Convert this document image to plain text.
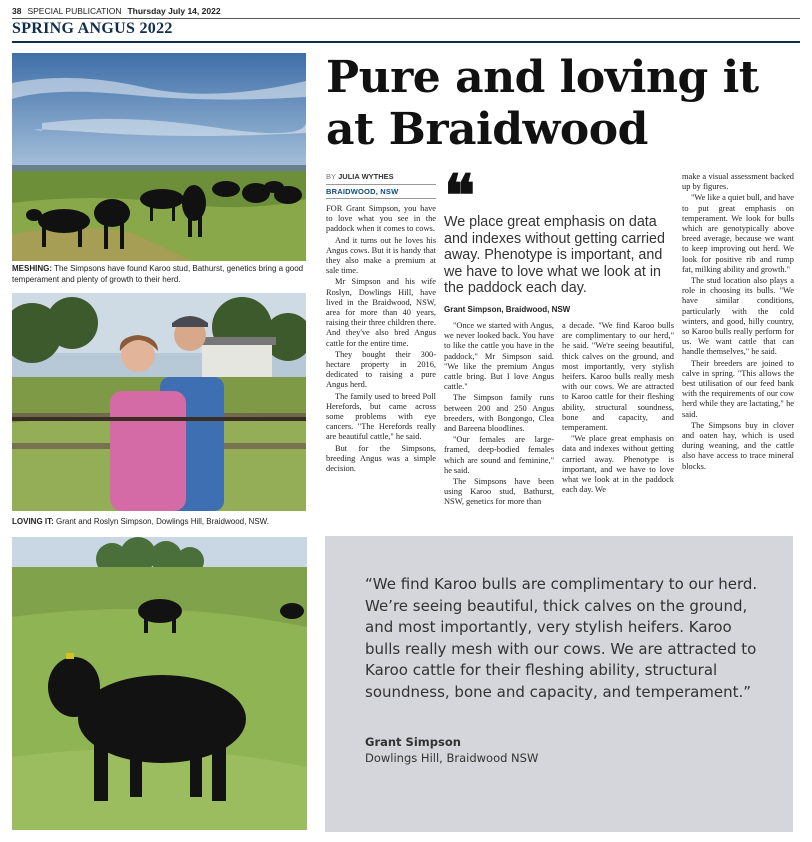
38 SPECIAL PUBLICATION Thursday July 14, 2022
SPRING ANGUS 2022
MESHING: The Simpsons have found Karoo stud, Bathurst, genetics bring a good temperament and plenty of growth to their herd.
LOVING IT: Grant and Roslyn Simpson, Dowlings Hill, Braidwood, NSW.
Pure and loving it at Braidwood
BY JULIA WYTHES
BRAIDWOOD, NSW ❝
We place great emphasis on data and indexes without getting carried away. Phenotype is important, and we have to love what we look at in the paddock each day.
Grant Simpson, Braidwood, NSW

FOR Grant Simpson, you have to love what you see in the paddock when it comes to cows.

And it turns out he loves his Angus cows. But it is handy that they also make a premium at sale time.

Mr Simpson and his wife Roslyn, Dowlings Hill, have lived in the Braidwood, NSW, area for more than 40 years, raising their three children there. And they've also bred Angus cattle for the entire time.

They bought their 300-hectare property in 2016, dedicated to raising a pure Angus herd.

The family used to breed Poll Herefords, but came across some problems with eye cancers. "The Herefords really are beautiful cattle," he said.

But for the Simpsons, breeding Angus was a simple decision.

"Once we started with Angus, we never looked back. You have to like the cattle you have in the paddock," Mr Simpson said. "We like the premium Angus cattle bring. But I love Angus cattle."

The Simpson family runs between 200 and 250 Angus breeders, with Bongongo, Clea and Bareena bloodlines.

"Our females are large-framed, deep-bodied females which are sound and feminine," he said.

The Simpsons have been using Karoo stud, Bathurst, NSW, genetics for more than

a decade. "We find Karoo bulls are complimentary to our herd," he said. "We're seeing beautiful, thick calves on the ground, and most importantly, very stylish heifers. Karoo bulls really mesh with our cows. We are attracted to Karoo cattle for their fleshing ability, structural soundness, bone and capacity, and temperament.

"We place great emphasis on data and indexes without getting carried away. Phenotype is important, and we have to love what we look at in the paddock each day. We

make a visual assessment backed up by figures.

"We like a quiet bull, and have to put great emphasis on temperament. We look for bulls which are genotypically above breed average, because we want to keep improving out herd. We look for positive rib and rump fat, milking ability and growth."

The stud location also plays a role in choosing its bulls. "We have similar conditions, particularly with the cold winters, and good, hilly country, so Karoo bulls really perform for us. We want cattle that can handle themselves," he said.

Their breeders are joined to calve in spring. "This allows the best utilisation of our feed bank with the requirements of our cow herd while they are lactating," he said.

The Simpsons buy in clover and oaten hay, which is used during weaning, and the cattle also have access to trace mineral blocks.

“We find Karoo bulls are complimentary to our herd. We’re seeing beautiful, thick calves on the ground, and most importantly, very stylish heifers. Karoo bulls really mesh with our cows. We are attracted to Karoo cattle for their fleshing ability, structural soundness, bone and capacity, and temperament.”
Grant Simpson
Dowlings Hill, Braidwood NSW
